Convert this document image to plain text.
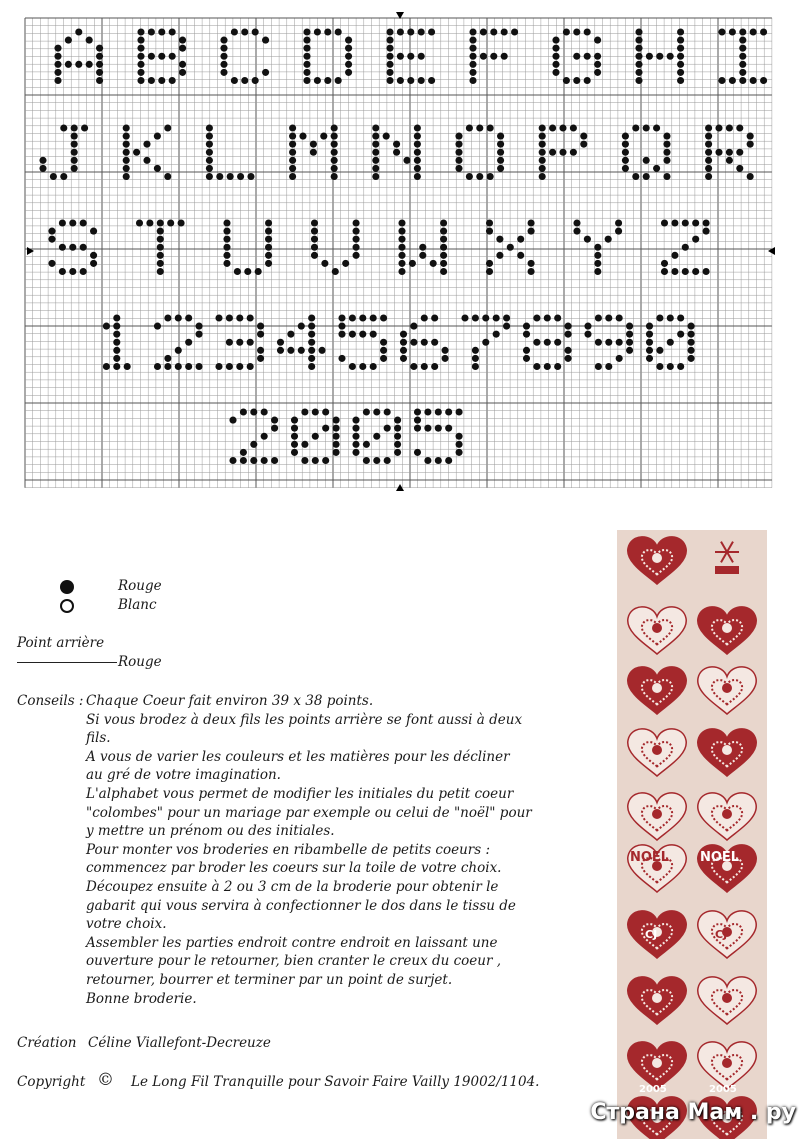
Rouge
Blanc
Point arrière
Rouge
Conseils : Chaque Coeur fait environ 39 x 38 points.
Si vous brodez à deux fils les points arrière se font aussi à deux
fils.
A vous de varier les couleurs et les matières pour les décliner
au gré de votre imagination.
L'alphabet vous permet de modifier les initiales du petit coeur
"colombes" pour un mariage par exemple ou celui de "noël" pour
y mettre un prénom ou des initiales.
Pour monter vos broderies en ribambelle de petits coeurs :
commencez par broder les coeurs sur la toile de votre choix.
Découpez ensuite à 2 ou 3 cm de la broderie pour obtenir le
gabarit qui vous servira à confectionner le dos dans le tissu de
votre choix.
Assembler les parties endroit contre endroit en laissant une
ouverture pour le retourner, bien cranter le creux du coeur ,
retourner, bourrer et terminer par un point de surjet.
Bonne broderie.
Création Céline Viallefont-Decreuze
Copyright © Le Long Fil Tranquille pour Savoir Faire Vailly 19002/1104.
NOEL NOEL
CJ	CJ
2005	2005
Страна Мам . ру
